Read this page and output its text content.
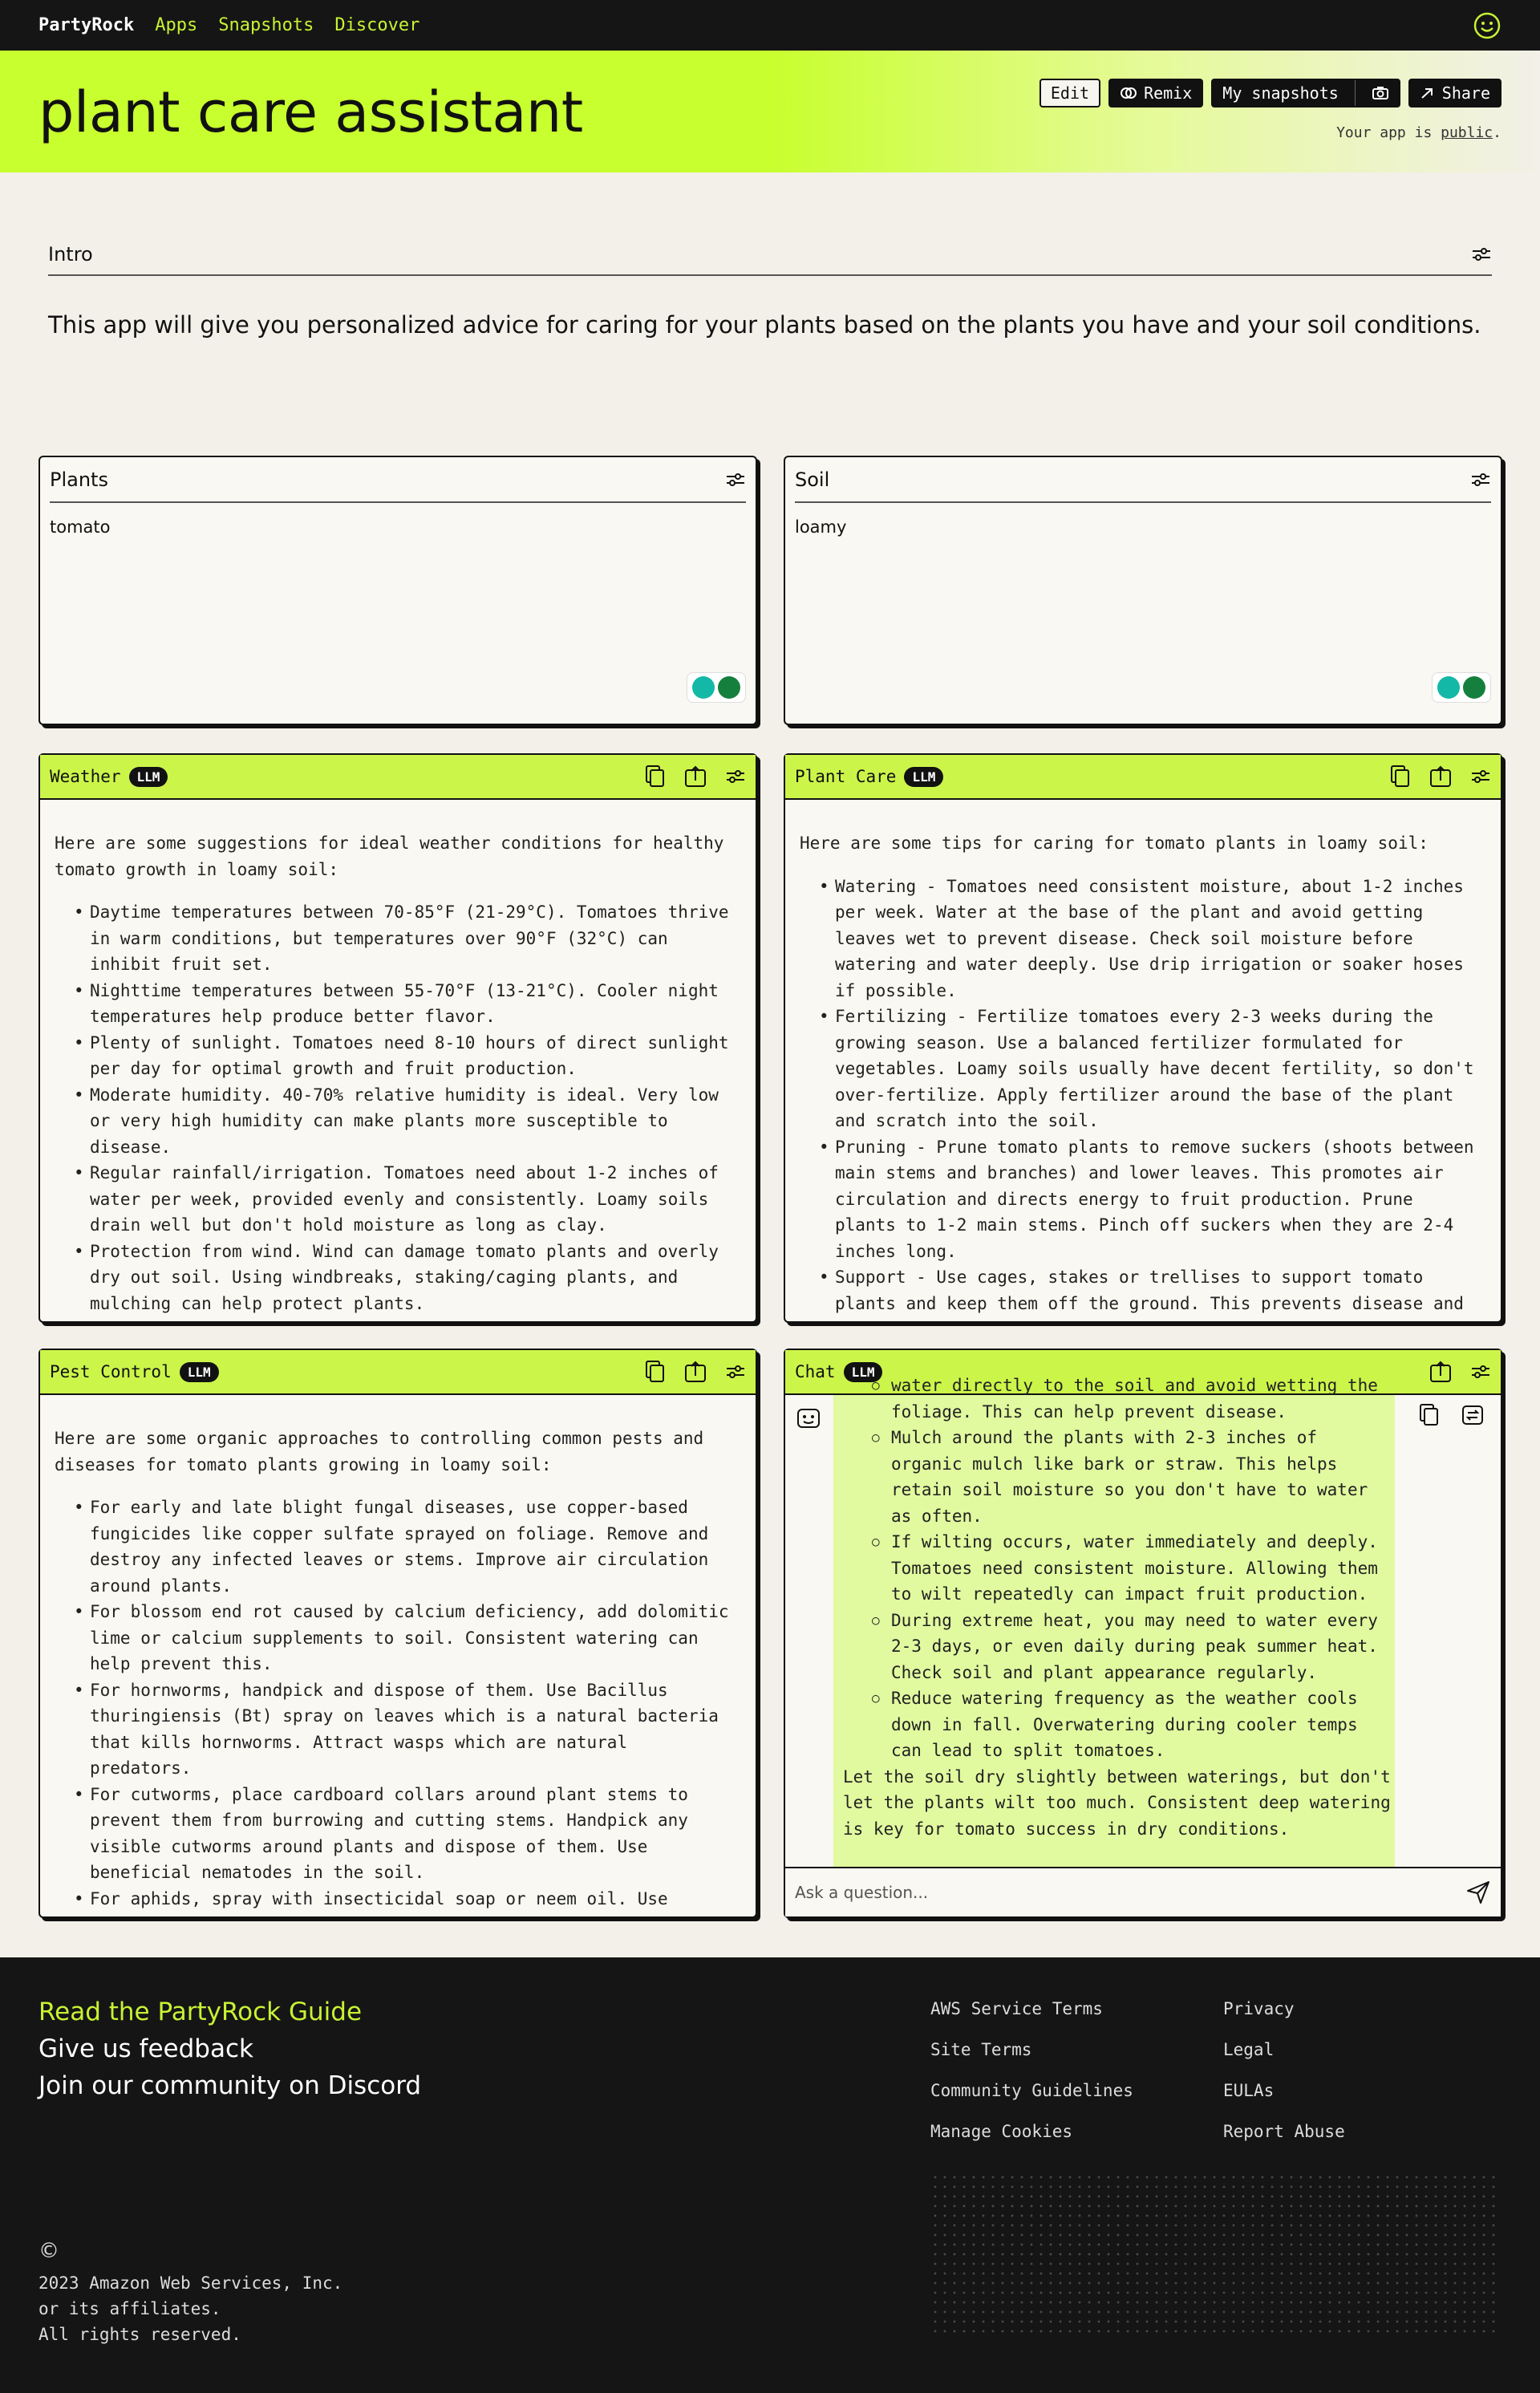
PartyRock Apps Snapshots Discover
plant care assistant	Edit	Remix	My snapshots	Share
Your app is public.
Intro

This app will give you personalized advice for caring for your plants based on the plants you have and your soil conditions.

Plants
tomato
Soil
loamy
Weather	LLM

Here are some suggestions for ideal weather conditions for healthy tomato growth in loamy soil:

• Daytime temperatures between 70-85°F (21-29°C). Tomatoes thrive in warm conditions, but temperatures over 90°F (32°C) can inhibit fruit set.
• Nighttime temperatures between 55-70°F (13-21°C). Cooler night temperatures help produce better flavor.
• Plenty of sunlight. Tomatoes need 8-10 hours of direct sunlight per day for optimal growth and fruit production.
• Moderate humidity. 40-70% relative humidity is ideal. Very low or very high humidity can make plants more susceptible to disease.
• Regular rainfall/irrigation. Tomatoes need about 1-2 inches of water per week, provided evenly and consistently. Loamy soils drain well but don't hold moisture as long as clay.
• Protection from wind. Wind can damage tomato plants and overly dry out soil. Using windbreaks, staking/caging plants, and mulching can help protect plants.
Plant Care	LLM

Here are some tips for caring for tomato plants in loamy soil:

• Watering - Tomatoes need consistent moisture, about 1-2 inches per week. Water at the base of the plant and avoid getting leaves wet to prevent disease. Check soil moisture before watering and water deeply. Use drip irrigation or soaker hoses if possible.
• Fertilizing - Fertilize tomatoes every 2-3 weeks during the growing season. Use a balanced fertilizer formulated for vegetables. Loamy soils usually have decent fertility, so don't over-fertilize. Apply fertilizer around the base of the plant and scratch into the soil.
• Pruning - Prune tomato plants to remove suckers (shoots between main stems and branches) and lower leaves. This promotes air circulation and directs energy to fruit production. Prune plants to 1-2 main stems. Pinch off suckers when they are 2-4 inches long.
• Support - Use cages, stakes or trellises to support tomato plants and keep them off the ground. This prevents disease and
Pest Control	LLM

Here are some organic approaches to controlling common pests and diseases for tomato plants growing in loamy soil:

• For early and late blight fungal diseases, use copper-based fungicides like copper sulfate sprayed on foliage. Remove and destroy any infected leaves or stems. Improve air circulation around plants.
• For blossom end rot caused by calcium deficiency, add dolomitic lime or calcium supplements to soil. Consistent watering can help prevent this.
• For hornworms, handpick and dispose of them. Use Bacillus thuringiensis (Bt) spray on leaves which is a natural bacteria that kills hornworms. Attract wasps which are natural predators.
• For cutworms, place cardboard collars around plant stems to prevent them from burrowing and cutting stems. Handpick any visible cutworms around plants and dispose of them. Use beneficial nematodes in the soil.
• For aphids, spray with insecticidal soap or neem oil. Use
Chat	LLM
○ water directly to the soil and avoid wetting the
foliage. This can help prevent disease.
○ Mulch around the plants with 2-3 inches of organic mulch like bark or straw. This helps retain soil moisture so you don't have to water as often.
○ If wilting occurs, water immediately and deeply. Tomatoes need consistent moisture. Allowing them to wilt repeatedly can impact fruit production.
○ During extreme heat, you may need to water every 2-3 days, or even daily during peak summer heat. Check soil and plant appearance regularly.
○ Reduce watering frequency as the weather cools down in fall. Overwatering during cooler temps can lead to split tomatoes.

Let the soil dry slightly between waterings, but don't let the plants wilt too much. Consistent deep watering is key for tomato success in dry conditions.

Ask a question...
Read the PartyRock Guide
Give us feedback
Join our community on Discord
AWS Service Terms	Privacy
Site Terms	Legal
Community Guidelines	EULAs
Manage Cookies	Report Abuse
©
2023 Amazon Web Services, Inc.
or its affiliates.
All rights reserved.
